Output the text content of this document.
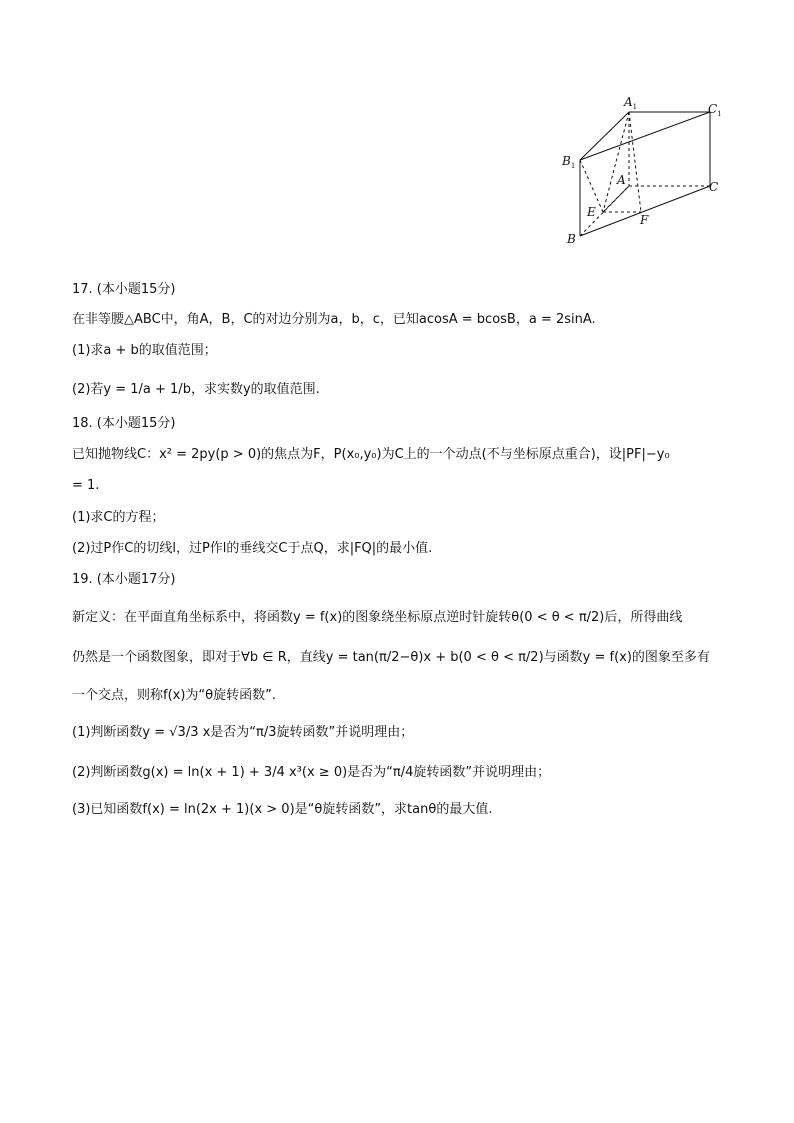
$A_1$	$C_1$
$B_1$
A	C
E
F
B
17. (本小题15分)
在非等腰△ABC中，角A，B，C的对边分别为a，b，c，已知acosA = bcosB，a = 2sinA.
(1)求a + b的取值范围；
(2)若y = 1/a + 1/b，求实数y的取值范围.
18. (本小题15分)
已知抛物线C：x² = 2py(p > 0)的焦点为F，P(x₀,y₀)为C上的一个动点(不与坐标原点重合)，设|PF|−y₀
= 1.
(1)求C的方程；
(2)过P作C的切线l，过P作l的垂线交C于点Q，求|FQ|的最小值.
19. (本小题17分)
新定义：在平面直角坐标系中，将函数y = f(x)的图象绕坐标原点逆时针旋转θ(0 < θ < π/2)后，所得曲线
仍然是一个函数图象，即对于∀b ∈ R，直线y = tan(π/2−θ)x + b(0 < θ < π/2)与函数y = f(x)的图象至多有
一个交点，则称f(x)为“θ旋转函数”.
(1)判断函数y = √3/3 x是否为“π/3旋转函数”并说明理由；
(2)判断函数g(x) = ln(x + 1) + 3/4 x³(x ≥ 0)是否为“π/4旋转函数”并说明理由；
(3)已知函数f(x) = ln(2x + 1)(x > 0)是“θ旋转函数”，求tanθ的最大值.
